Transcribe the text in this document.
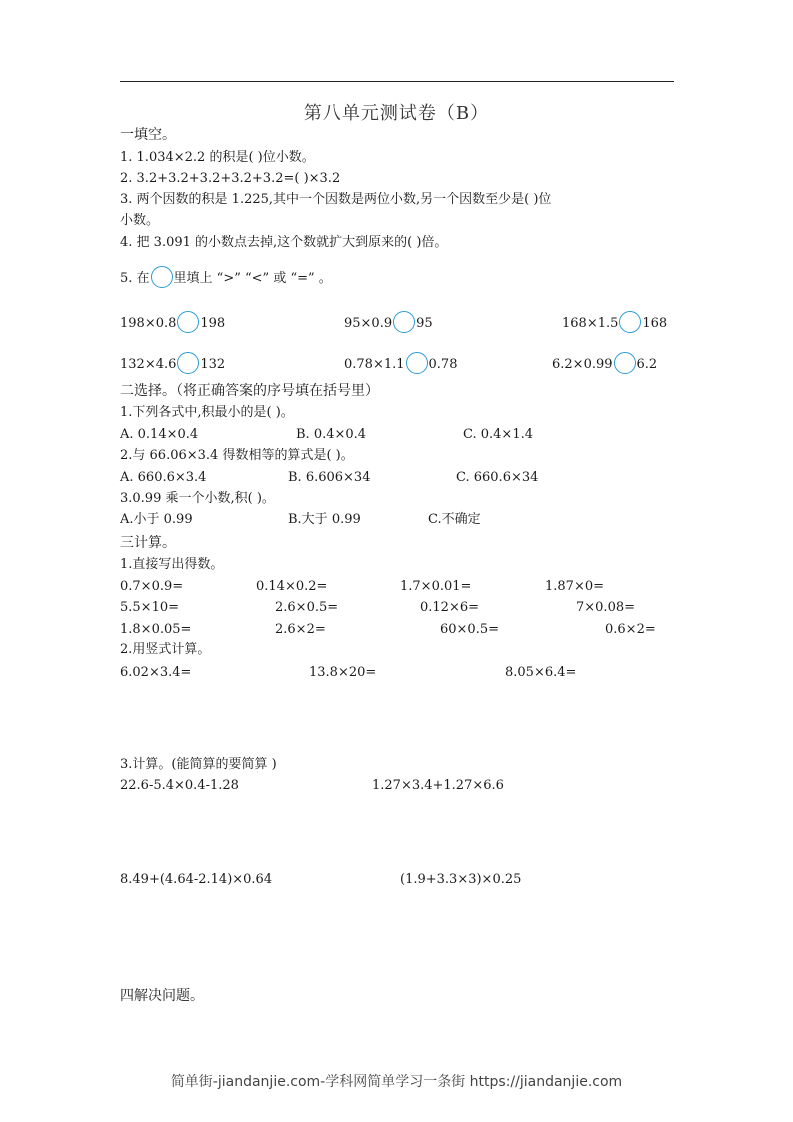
第八单元测试卷（B）
一填空。
1. 1.034×2.2 的积是( )位小数。
2. 3.2+3.2+3.2+3.2+3.2=( )×3.2
3. 两个因数的积是 1.225,其中一个因数是两位小数,另一个因数至少是( )位
小数。
4. 把 3.091 的小数点去掉,这个数就扩大到原来的( )倍。
5. 在 里填上 “>” “<” 或 “=” 。
198×0.8 198	95×0.9 95	168×1.5 168
132×4.6 132	0.78×1.1 0.78	6.2×0.99 6.2
二选择。（将正确答案的序号填在括号里）
1.下列各式中,积最小的是( )。
A. 0.14×0.4	B. 0.4×0.4	C. 0.4×1.4
2.与 66.06×3.4 得数相等的算式是( )。
A. 660.6×3.4	B. 6.606×34	C. 660.6×34
3.0.99 乘一个小数,积( )。
A.小于 0.99	B.大于 0.99	C.不确定
三计算。
1.直接写出得数。
0.7×0.9=	0.14×0.2=	1.7×0.01=	1.87×0=
5.5×10=	2.6×0.5=	0.12×6=	7×0.08=
1.8×0.05=	2.6×2=	60×0.5=	0.6×2=
2.用竖式计算。
6.02×3.4=	13.8×20=	8.05×6.4=
3.计算。(能简算的要简算 )
22.6-5.4×0.4-1.28	1.27×3.4+1.27×6.6
8.49+(4.64-2.14)×0.64	(1.9+3.3×3)×0.25
四解决问题。
简单街-jiandanjie.com-学科网简单学习一条街 https://jiandanjie.com
